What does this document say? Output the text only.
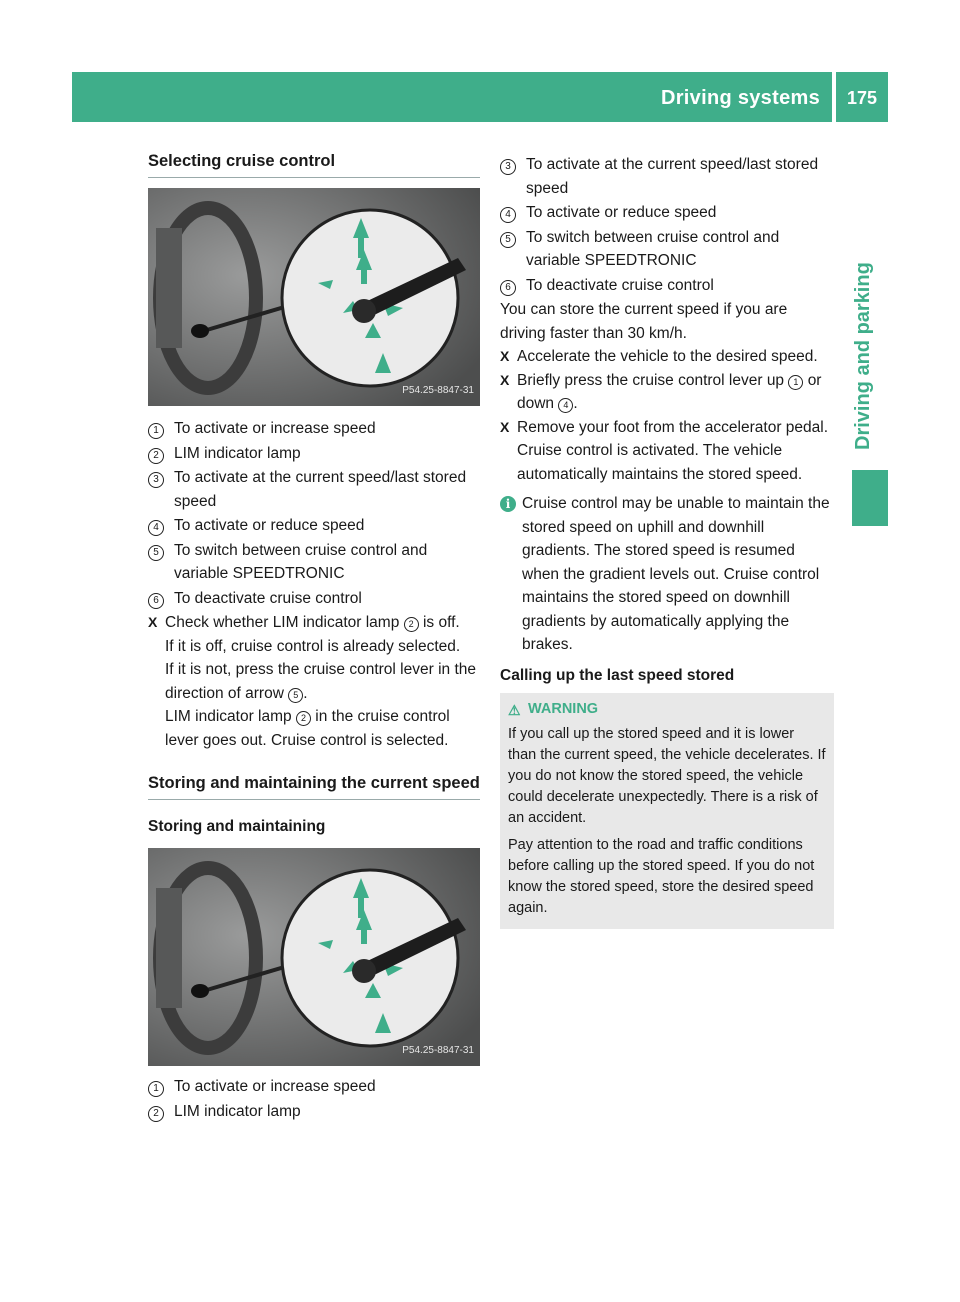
Driving systems	175
Driving and parking
Selecting cruise control
P54.25-8847-31
1 To activate or increase speed
2 LIM indicator lamp
3 To activate at the current speed/last stored speed
4 To activate or reduce speed
5 To switch between cruise control and variable SPEEDTRONIC
6 To deactivate cruise control
X Check whether LIM indicator lamp 2 is off.
If it is off, cruise control is already selected.
If it is not, press the cruise control lever in the direction of arrow 5 .
LIM indicator lamp 2 in the cruise control lever goes out. Cruise control is selected.
Storing and maintaining the current speed
Storing and maintaining
P54.25-8847-31
1 To activate or increase speed
2 LIM indicator lamp
3 To activate at the current speed/last stored speed
4 To activate or reduce speed
5 To switch between cruise control and variable SPEEDTRONIC
6 To deactivate cruise control

You can store the current speed if you are driving faster than 30 km/h.

X Accelerate the vehicle to the desired speed.
X Briefly press the cruise control lever up 1 or down 4 .
X Remove your foot from the accelerator pedal.
Cruise control is activated. The vehicle automatically maintains the stored speed.
i Cruise control may be unable to maintain the stored speed on uphill and downhill gradients. The stored speed is resumed when the gradient levels out. Cruise control maintains the stored speed on downhill gradients by automatically applying the brakes.
Calling up the last speed stored
⚠ WARNING

If you call up the stored speed and it is lower than the current speed, the vehicle decelerates. If you do not know the stored speed, the vehicle could decelerate unexpectedly. There is a risk of an accident.

Pay attention to the road and traffic conditions before calling up the stored speed. If you do not know the stored speed, store the desired speed again.
